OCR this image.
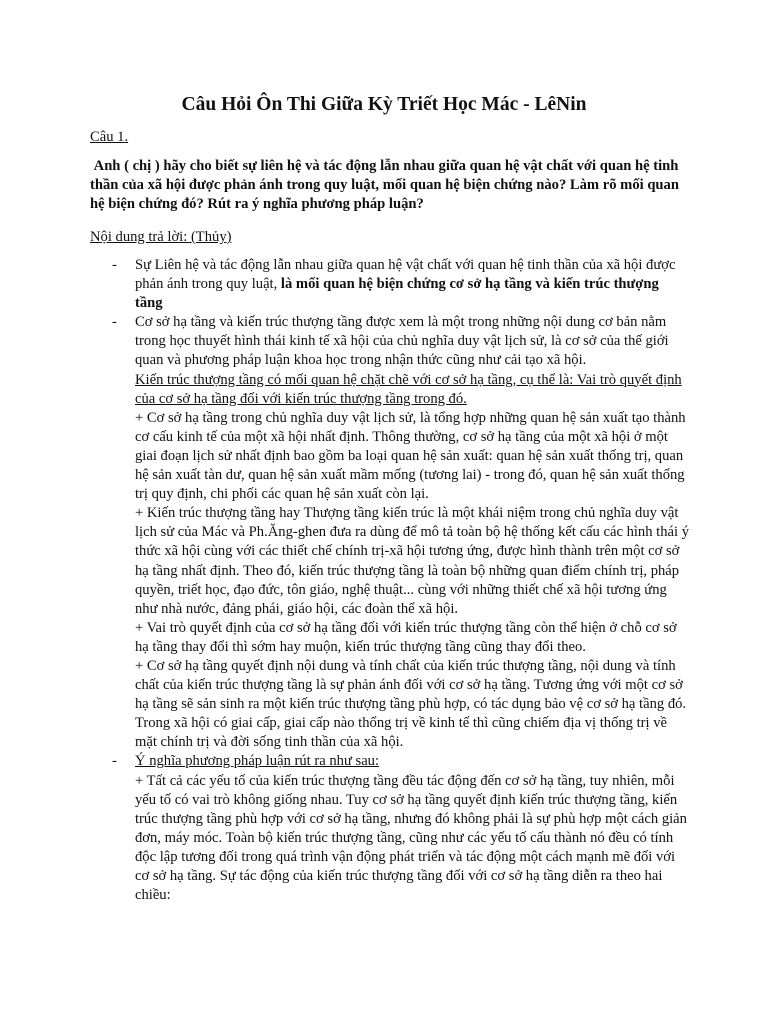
Câu Hỏi Ôn Thi Giữa Kỳ Triết Học Mác - LêNin
Câu 1.
Anh ( chị ) hãy cho biết sự liên hệ và tác động lẫn nhau giữa quan hệ vật chất với quan hệ tinh thần của xã hội được phản ánh trong quy luật, mối quan hệ biện chứng nào? Làm rõ mối quan hệ biện chứng đó? Rút ra ý nghĩa phương pháp luận?
Nội dung trả lời: (Thủy)
- Sự Liên hệ và tác động lẫn nhau giữa quan hệ vật chất với quan hệ tinh thần của xã hội được phản ánh trong quy luật, là mối quan hệ biện chứng cơ sở hạ tầng và kiến trúc thượng tầng
- Cơ sở hạ tầng và kiến trúc thượng tầng được xem là một trong những nội dung cơ bản nằm trong học thuyết hình thái kinh tế xã hội của chủ nghĩa duy vật lịch sử, là cơ sở của thế giới quan và phương pháp luận khoa học trong nhận thức cũng như cải tạo xã hội.
Kiến trúc thượng tầng có mối quan hệ chặt chẽ với cơ sở hạ tầng, cụ thể là: Vai trò quyết định của cơ sở hạ tầng đối với kiến trúc thượng tầng trong đó.
+ Cơ sở hạ tầng trong chủ nghĩa duy vật lịch sử, là tổng hợp những quan hệ sản xuất tạo thành cơ cấu kinh tế của một xã hội nhất định. Thông thường, cơ sở hạ tầng của một xã hội ở một giai đoạn lịch sử nhất định bao gồm ba loại quan hệ sản xuất: quan hệ sản xuất thống trị, quan hệ sản xuất tàn dư, quan hệ sản xuất mầm mống (tương lai) - trong đó, quan hệ sản xuất thống trị quy định, chi phối các quan hệ sản xuất còn lại.
+ Kiến trúc thượng tầng hay Thượng tầng kiến trúc là một khái niệm trong chủ nghĩa duy vật lịch sử của Mác và Ph.Ăng-ghen đưa ra dùng để mô tả toàn bộ hệ thống kết cấu các hình thái ý thức xã hội cùng với các thiết chế chính trị-xã hội tương ứng, được hình thành trên một cơ sở hạ tầng nhất định. Theo đó, kiến trúc thượng tầng là toàn bộ những quan điểm chính trị, pháp quyền, triết học, đạo đức, tôn giáo, nghệ thuật... cùng với những thiết chế xã hội tương ứng như nhà nước, đảng phái, giáo hội, các đoàn thể xã hội.
+ Vai trò quyết định của cơ sở hạ tầng đối với kiến trúc thượng tầng còn thể hiện ở chỗ cơ sở hạ tầng thay đổi thì sớm hay muộn, kiến trúc thượng tầng cũng thay đổi theo.
+ Cơ sở hạ tầng quyết định nội dung và tính chất của kiến trúc thượng tầng, nội dung và tính chất của kiến trúc thượng tầng là sự phản ánh đối với cơ sở hạ tầng. Tương ứng với một cơ sở hạ tầng sẽ sản sinh ra một kiến trúc thượng tầng phù hợp, có tác dụng bảo vệ cơ sở hạ tầng đó. Trong xã hội có giai cấp, giai cấp nào thống trị về kinh tế thì cũng chiếm địa vị thống trị về mặt chính trị và đời sống tinh thần của xã hội.
- Ý nghĩa phương pháp luận rút ra như sau:
+ Tất cả các yếu tố của kiến trúc thượng tầng đều tác động đến cơ sở hạ tầng, tuy nhiên, mỗi yếu tố có vai trò không giống nhau. Tuy cơ sở hạ tầng quyết định kiến trúc thượng tầng, kiến trúc thượng tầng phù hợp với cơ sở hạ tầng, nhưng đó không phải là sự phù hợp một cách giản đơn, máy móc. Toàn bộ kiến trúc thượng tầng, cũng như các yếu tố cấu thành nó đều có tính độc lập tương đối trong quá trình vận động phát triển và tác động một cách mạnh mẽ đối với cơ sở hạ tầng. Sự tác động của kiến trúc thượng tầng đối với cơ sở hạ tầng diễn ra theo hai chiều:
